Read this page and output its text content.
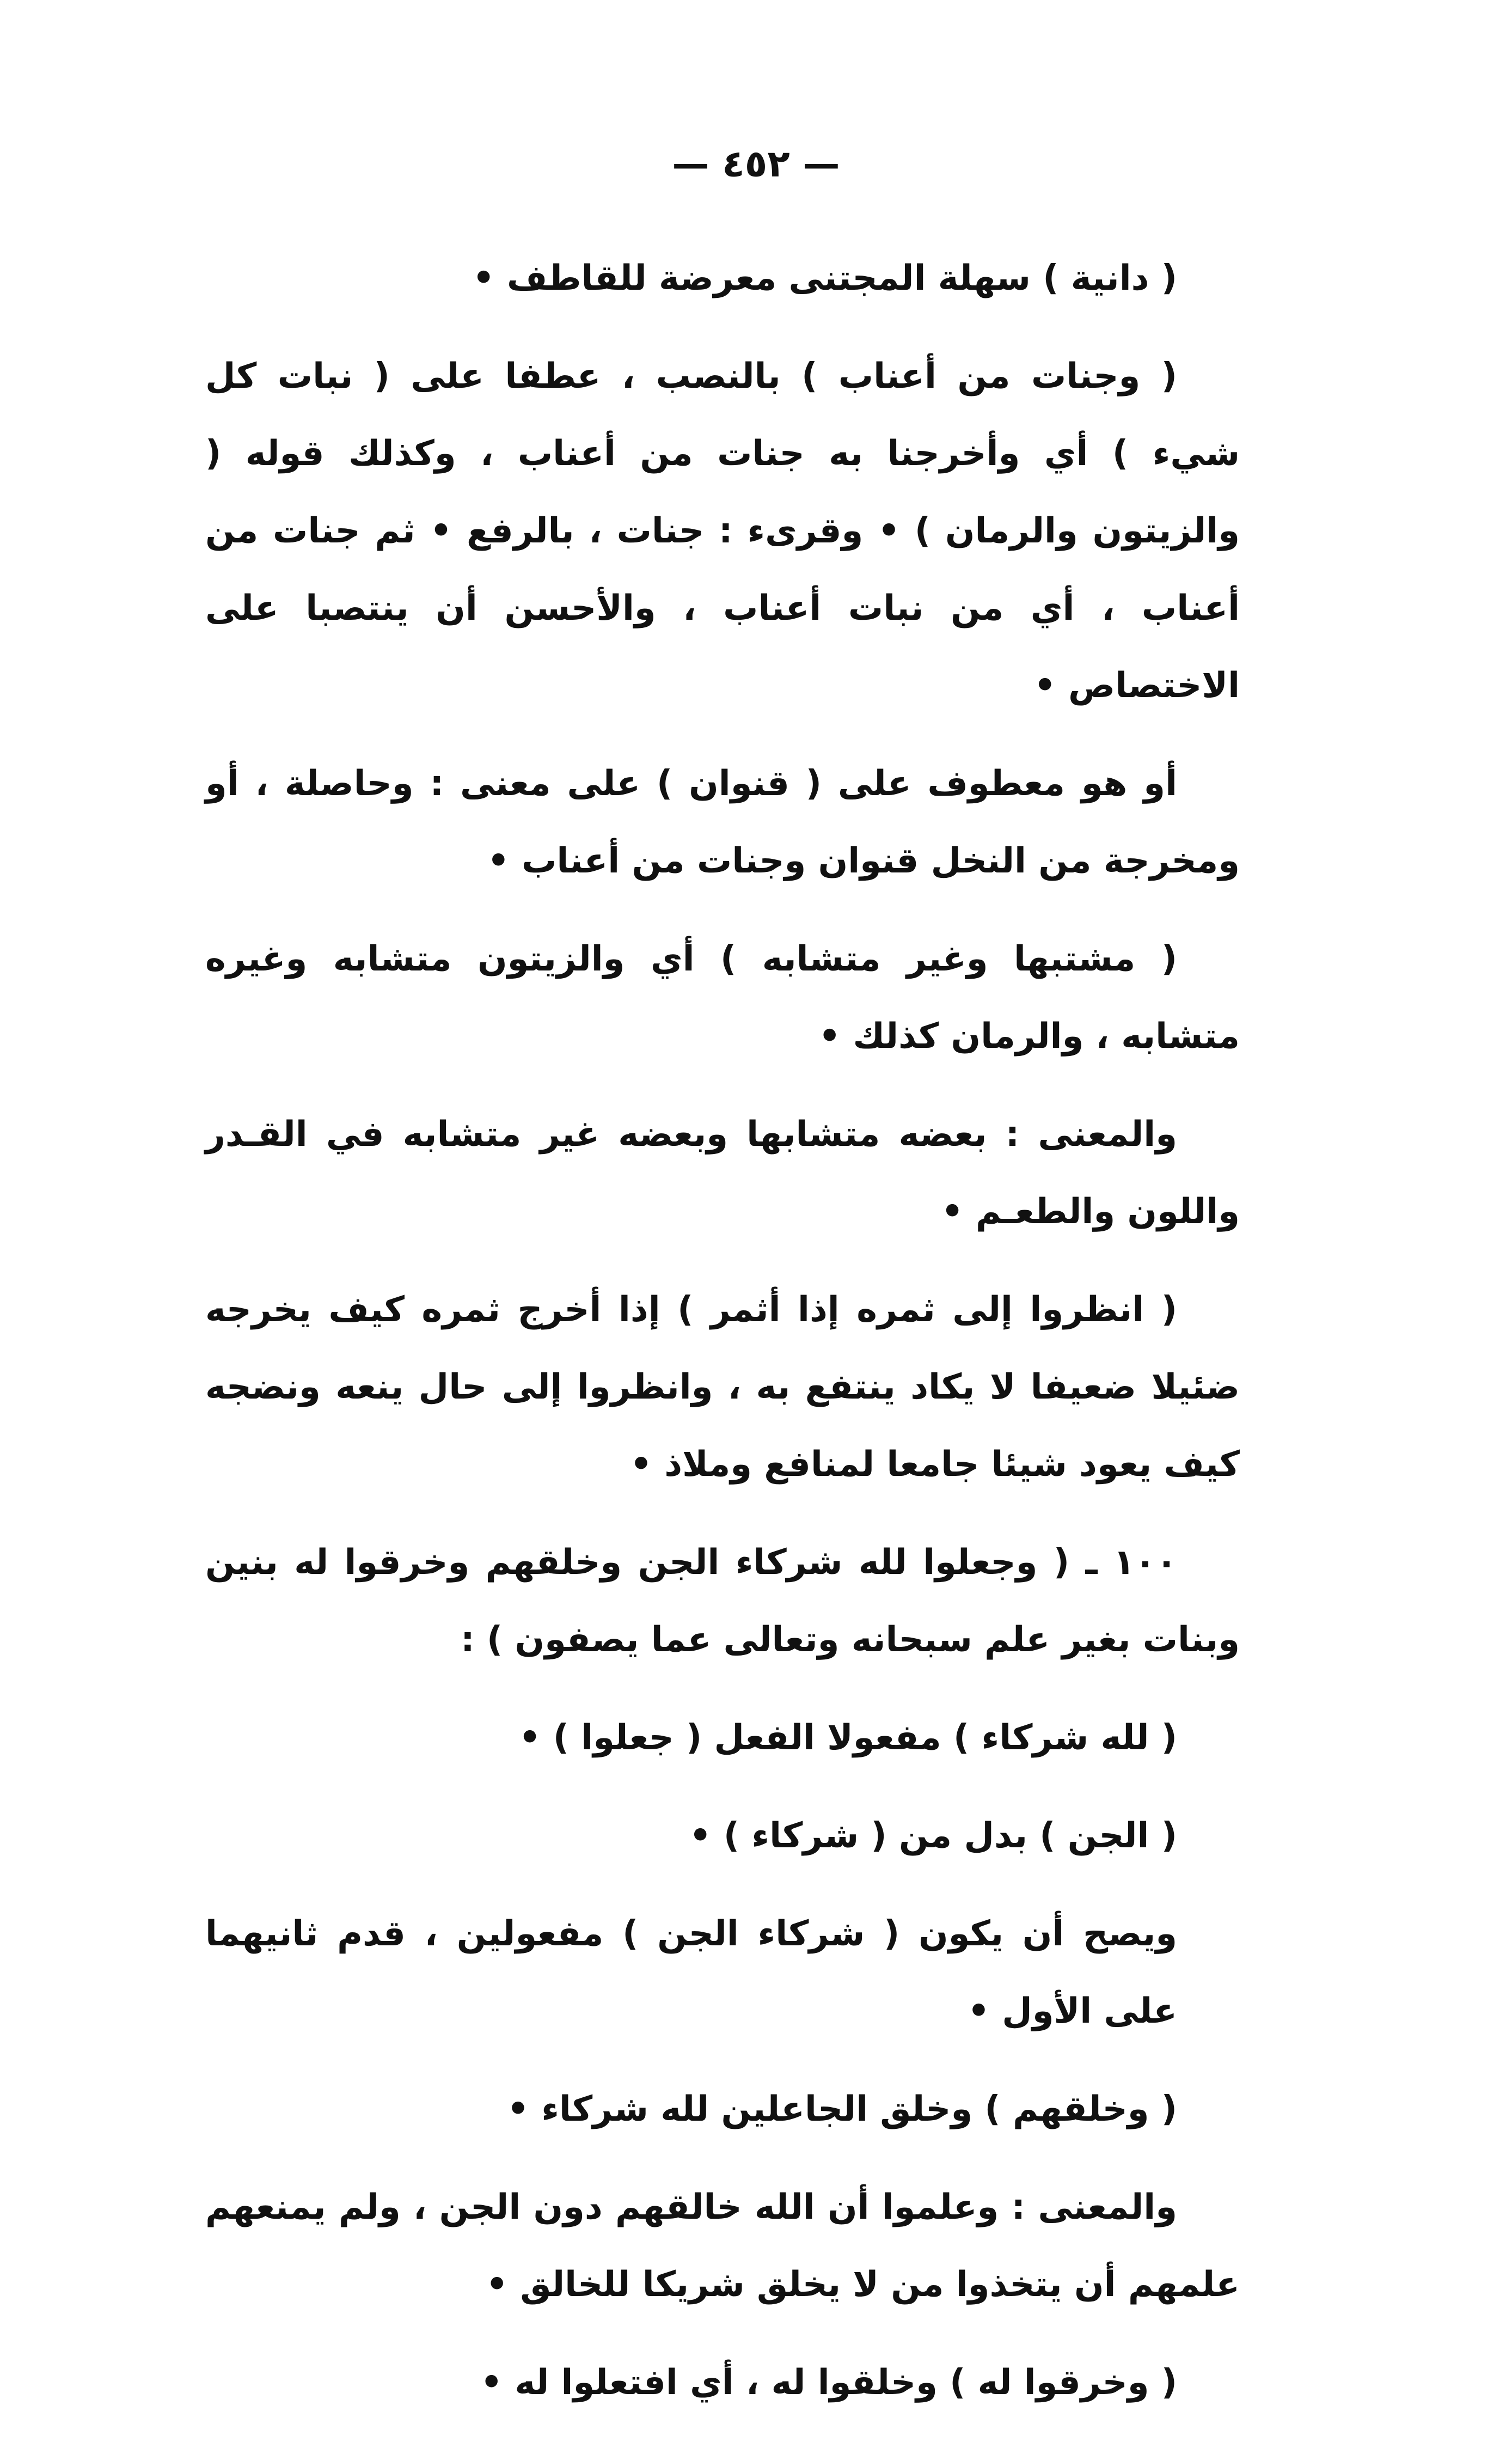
— ٤٥٢ —

( دانية ) سهلة المجتنى معرضة للقاطف •

( وجنات من أعناب ) بالنصب ، عطفا على ( نبات كل شيء ) أي وأخرجنا به جنات من أعناب ، وكذلك قوله ( والزيتون والرمان ) • وقرىء : جنات ، بالرفع • ثم جنات من أعناب ، أي من نبات أعناب ، والأحسن أن ينتصبا على الاختصاص •

أو هو معطوف على ( قنوان ) على معنى : وحاصلة ، أو ومخرجة من النخل قنوان وجنات من أعناب •

( مشتبها وغير متشابه ) أي والزيتون متشابه وغيره متشابه ، والرمان كذلك •

والمعنى : بعضه متشابها وبعضه غير متشابه في القـدر واللون والطعـم •

( انظروا إلى ثمره إذا أثمر ) إذا أخرج ثمره كيف يخرجه ضئيلا ضعيفا لا يكاد ينتفع به ، وانظروا إلى حال ينعه ونضجه كيف يعود شيئا جامعا لمنافع وملاذ •

١٠٠ ـ ( وجعلوا لله شركاء الجن وخلقهم وخرقوا له بنين وبنات بغير علم سبحانه وتعالى عما يصفون ) :

( لله شركاء ) مفعولا الفعل ( جعلوا ) •

( الجن ) بدل من ( شركاء ) •

ويصح أن يكون ( شركاء الجن ) مفعولين ، قدم ثانيهما على الأول •

( وخلقهم ) وخلق الجاعلين لله شركاء •

والمعنى : وعلموا أن الله خالقهم دون الجن ، ولم يمنعهم علمهم أن يتخذوا من لا يخلق شريكا للخالق •

( وخرقوا له ) وخلقوا له ، أي افتعلوا له •
